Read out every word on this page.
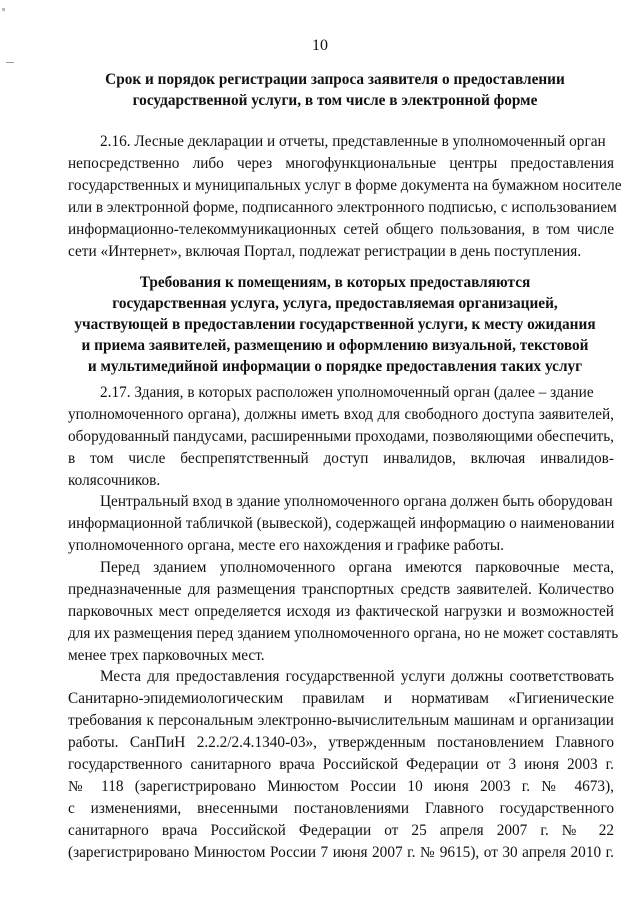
10
Срок и порядок регистрации запроса заявителя о предоставлении
государственной услуги, в том числе в электронной форме
2.16. Лесные декларации и отчеты, представленные в уполномоченный орган
непосредственно либо через многофункциональные центры предоставления
государственных и муниципальных услуг в форме документа на бумажном носителе
или в электронной форме, подписанного электронного подписью, с использованием
информационно-телекоммуникационных сетей общего пользования, в том числе
сети «Интернет», включая Портал, подлежат регистрации в день поступления.
Требования к помещениям, в которых предоставляются
государственная услуга, услуга, предоставляемая организацией,
участвующей в предоставлении государственной услуги, к месту ожидания
и приема заявителей, размещению и оформлению визуальной, текстовой
и мультимедийной информации о порядке предоставления таких услуг
2.17. Здания, в которых расположен уполномоченный орган (далее – здание
уполномоченного органа), должны иметь вход для свободного доступа заявителей,
оборудованный пандусами, расширенными проходами, позволяющими обеспечить,
в том числе беспрепятственный доступ инвалидов, включая инвалидов-
колясочников.
Центральный вход в здание уполномоченного органа должен быть оборудован
информационной табличкой (вывеской), содержащей информацию о наименовании
уполномоченного органа, месте его нахождения и графике работы.
Перед зданием уполномоченного органа имеются парковочные места,
предназначенные для размещения транспортных средств заявителей. Количество
парковочных мест определяется исходя из фактической нагрузки и возможностей
для их размещения перед зданием уполномоченного органа, но не может составлять
менее трех парковочных мест.
Места для предоставления государственной услуги должны соответствовать
Санитарно-эпидемиологическим правилам и нормативам «Гигиенические
требования к персональным электронно-вычислительным машинам и организации
работы. СанПиН 2.2.2/2.4.1340-03», утвержденным постановлением Главного
государственного санитарного врача Российской Федерации от 3 июня 2003 г.
№ 118 (зарегистрировано Минюстом России 10 июня 2003 г. № 4673),
с изменениями, внесенными постановлениями Главного государственного
санитарного врача Российской Федерации от 25 апреля 2007 г. № 22
(зарегистрировано Минюстом России 7 июня 2007 г. № 9615), от 30 апреля 2010 г.
